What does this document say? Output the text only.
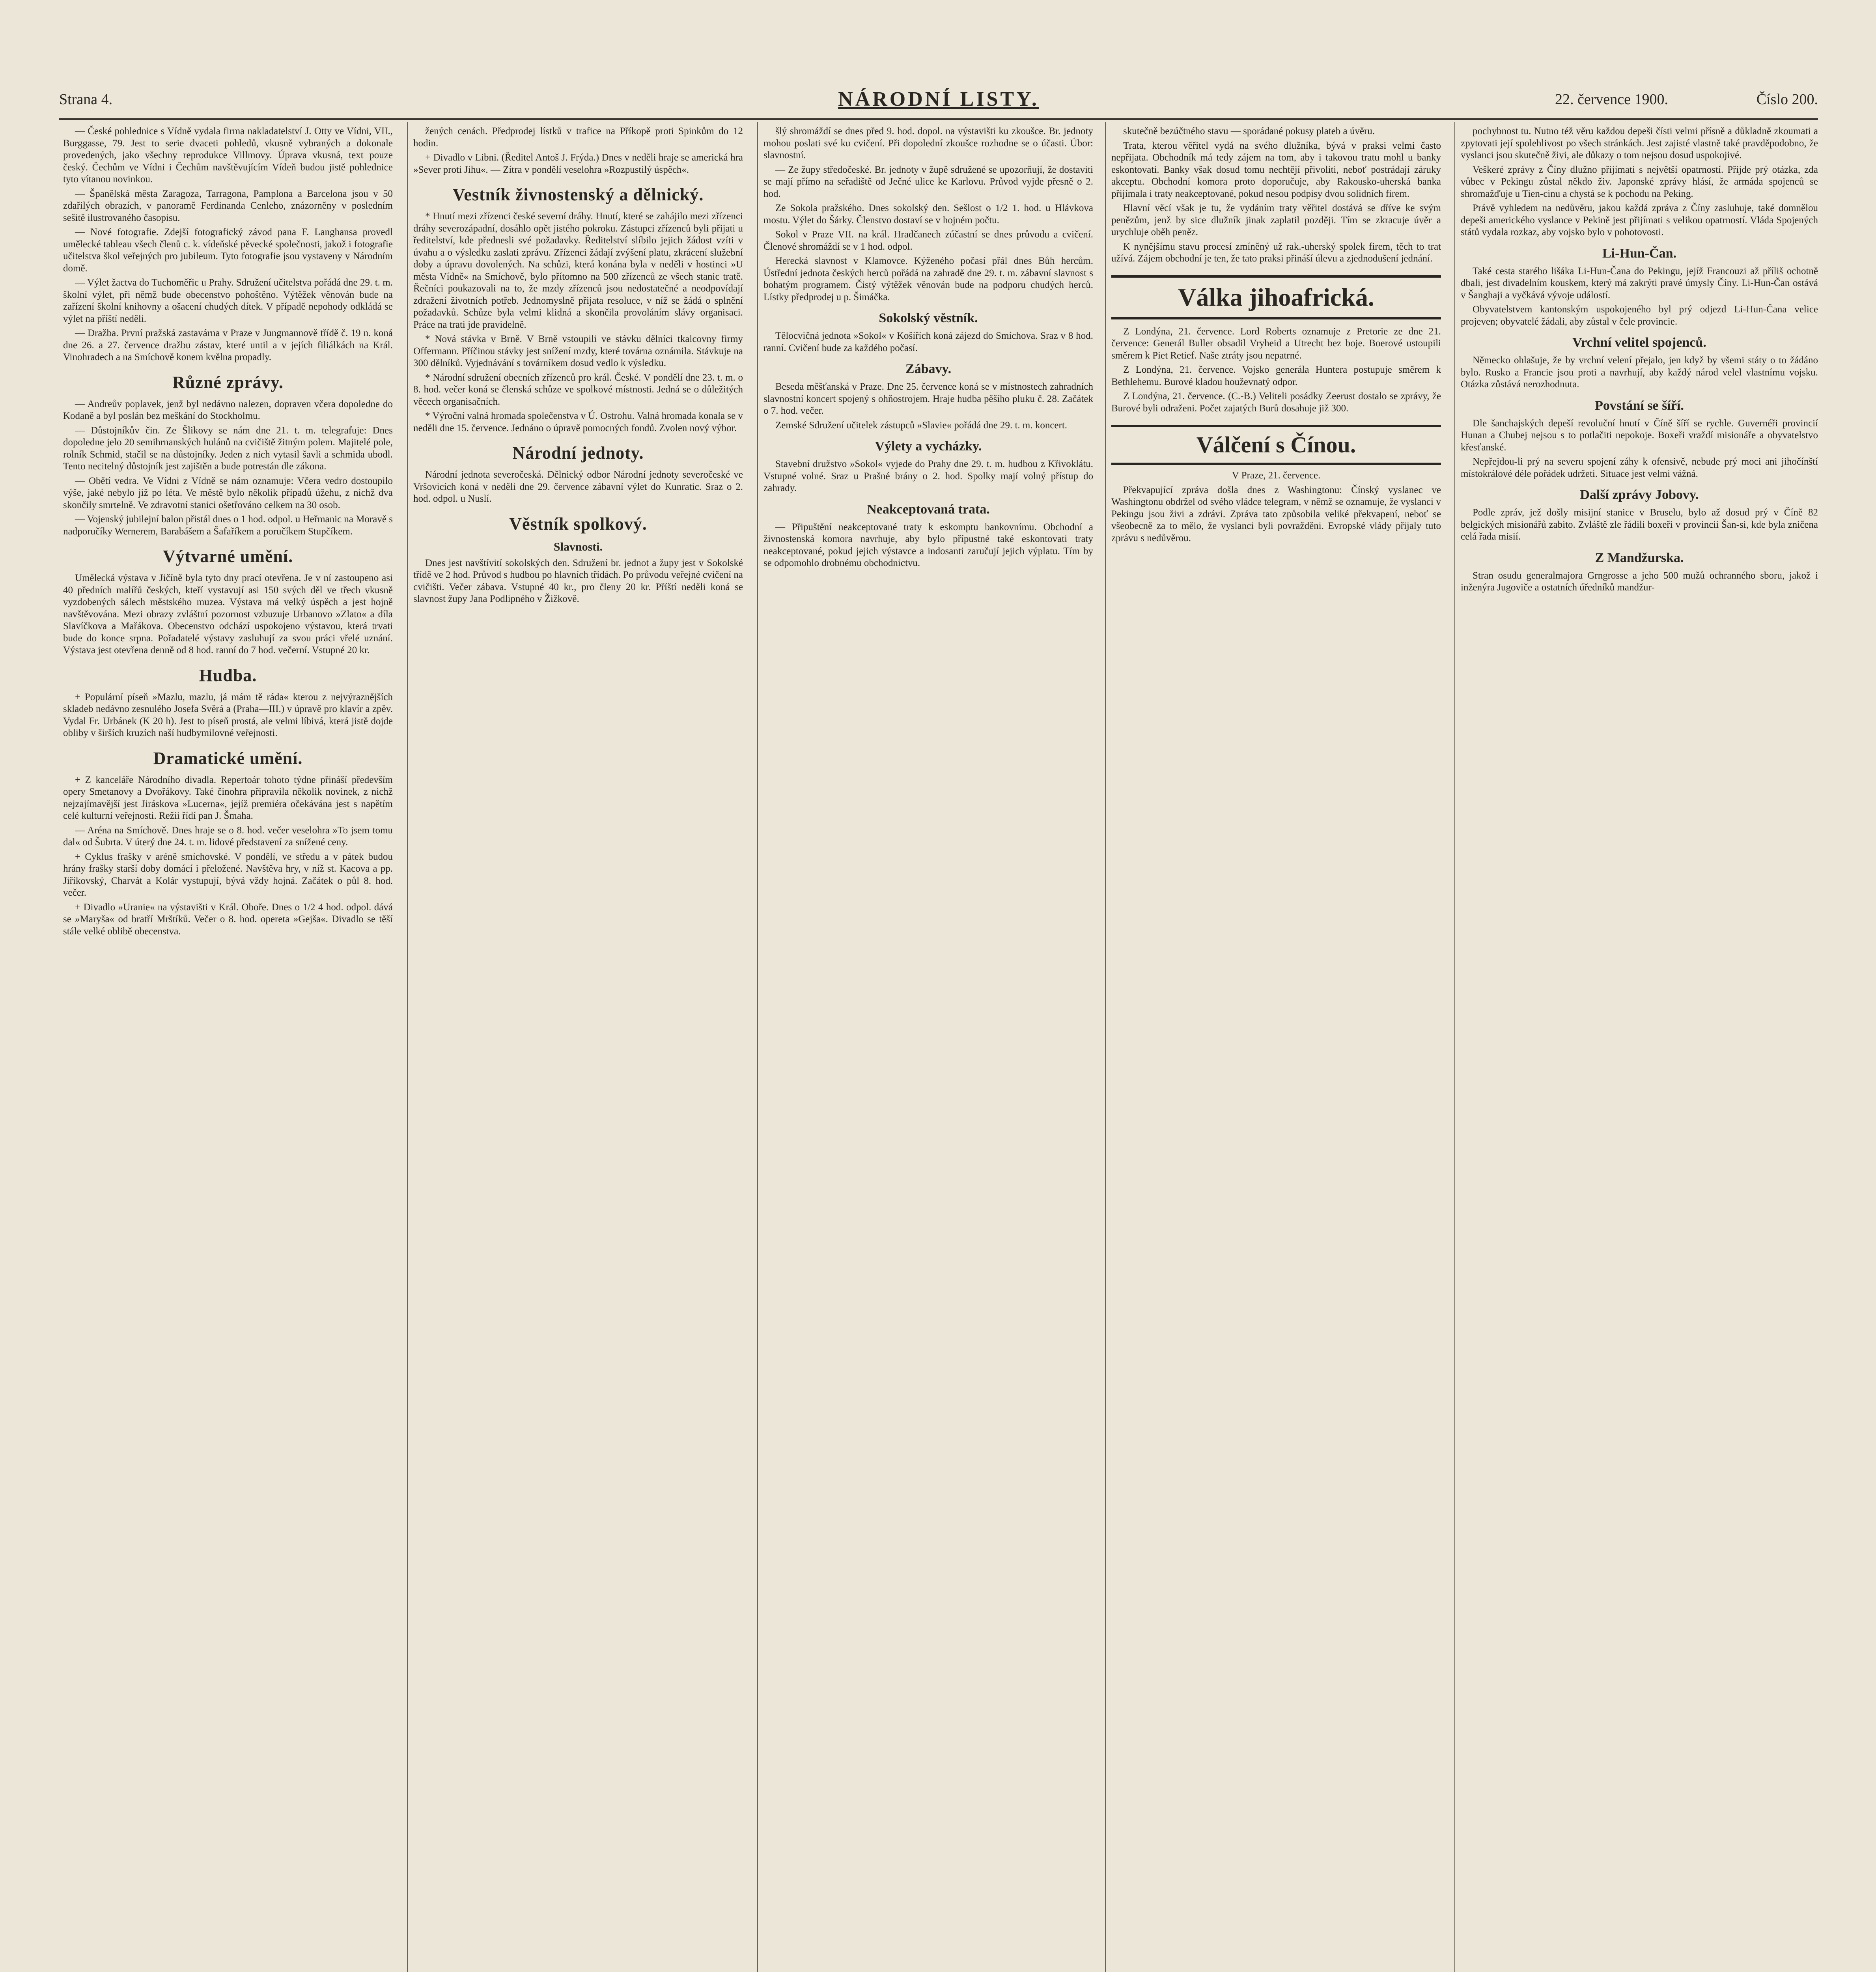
Strana 4.	NÁRODNÍ LISTY.	22. července 1900.	Číslo 200.

— České pohlednice s Vídně vydala firma nakladatelství J. Otty ve Vídni, VII., Burggasse, 79. Jest to serie dvaceti pohledů, vkusně vybraných a dokonale provedených, jako všechny reprodukce Villmovy. Úprava vkusná, text pouze český. Čechům ve Vídni i Čechům navštěvujícím Vídeň budou jistě pohlednice tyto vítanou novinkou.

— Španělská města Zaragoza, Tarragona, Pamplona a Barcelona jsou v 50 zdařilých obrazích, v panoramě Ferdinanda Cenleho, znázorněny v posledním sešitě ilustrovaného časopisu.

— Nové fotografie. Zdejší fotografický závod pana F. Langhansa provedl umělecké tableau všech členů c. k. vídeňské pěvecké společnosti, jakož i fotografie učitelstva škol veřejných pro jubileum. Tyto fotografie jsou vystaveny v Národním domě.

— Výlet žactva do Tuchoměřic u Prahy. Sdružení učitelstva pořádá dne 29. t. m. školní výlet, při němž bude obecenstvo pohoštěno. Výtěžek věnován bude na zařízení školní knihovny a ošacení chudých dítek. V případě nepohody odkládá se výlet na příští neděli.

— Dražba. První pražská zastavárna v Praze v Jungmannově třídě č. 19 n. koná dne 26. a 27. července dražbu zástav, které until a v jejích filiálkách na Král. Vinohradech a na Smíchově konem kvělna propadly.

Různé zprávy.

— Andreův poplavek, jenž byl nedávno nalezen, dopraven včera dopoledne do Kodaně a byl poslán bez meškání do Stockholmu.

— Důstojníkův čin. Ze Šlikovy se nám dne 21. t. m. telegrafuje: Dnes dopoledne jelo 20 semihrnanských hulánů na cvičiště žitným polem. Majitelé pole, rolník Schmid, stačil se na důstojníky. Jeden z nich vytasil šavli a schmida ubodl. Tento necitelný důstojník jest zajištěn a bude potrestán dle zákona.

— Obětí vedra. Ve Vídni z Vídně se nám oznamuje: Včera vedro dostoupilo výše, jaké nebylo již po léta. Ve městě bylo několik případů úžehu, z nichž dva skončily smrtelně. Ve zdravotní stanici ošetřováno celkem na 30 osob.

— Vojenský jubilejní balon přistál dnes o 1 hod. odpol. u Heřmanic na Moravě s nadporučíky Wernerem, Barabášem a Šafaříkem a poručíkem Stupčíkem.

Výtvarné umění.

Umělecká výstava v Jičíně byla tyto dny prací otevřena. Je v ní zastoupeno asi 40 předních malířů českých, kteří vystavují asi 150 svých děl ve třech vkusně vyzdobených sálech městského muzea. Výstava má velký úspěch a jest hojně navštěvována. Mezi obrazy zvláštní pozornost vzbuzuje Urbanovo »Zlato« a díla Slavíčkova a Mařákova. Obecenstvo odchází uspokojeno výstavou, která trvati bude do konce srpna. Pořadatelé výstavy zasluhují za svou práci vřelé uznání. Výstava jest otevřena denně od 8 hod. ranní do 7 hod. večerní. Vstupné 20 kr.

Hudba.

+ Populární píseň »Mazlu, mazlu, já mám tě ráda« kterou z nejvýraznějších skladeb nedávno zesnulého Josefa Svěrá a (Praha—III.) v úpravě pro klavír a zpěv. Vydal Fr. Urbánek (K 20 h). Jest to píseň prostá, ale velmi líbivá, která jistě dojde obliby v širších kruzích naší hudbymilovné veřejnosti.

Dramatické umění.

+ Z kanceláře Národního divadla. Repertoár tohoto týdne přináší především opery Smetanovy a Dvořákovy. Také činohra připravila několik novinek, z nichž nejzajímavější jest Jiráskova »Lucerna«, jejíž premiéra očekávána jest s napětím celé kulturní veřejnosti. Režii řídí pan J. Šmaha.

— Aréna na Smíchově. Dnes hraje se o 8. hod. večer veselohra »To jsem tomu dal« od Šubrta. V úterý dne 24. t. m. lidové představení za snížené ceny.

+ Cyklus frašky v aréně smíchovské. V pondělí, ve středu a v pátek budou hrány frašky starší doby domácí i přeložené. Navštěva hry, v níž st. Kacova a pp. Jiříkovský, Charvát a Kolár vystupují, bývá vždy hojná. Začátek o půl 8. hod. večer.

+ Divadlo »Uranie« na výstavišti v Král. Oboře. Dnes o 1/2 4 hod. odpol. dává se »Maryša« od bratří Mrštíků. Večer o 8. hod. opereta »Gejša«. Divadlo se těší stále velké oblibě obecenstva.

žených cenách. Předprodej lístků v trafice na Příkopě proti Spinkům do 12 hodin.

+ Divadlo v Libni. (Ředitel Antoš J. Frýda.) Dnes v neděli hraje se americká hra »Sever proti Jihu«. — Zítra v pondělí veselohra »Rozpustilý úspěch«.

Vestník živnostenský a dělnický.

* Hnutí mezi zřízenci české severní dráhy. Hnutí, které se zahájilo mezi zřízenci dráhy severozápadní, dosáhlo opět jistého pokroku. Zástupci zřízenců byli přijati u ředitelství, kde přednesli své požadavky. Ředitelství slíbilo jejich žádost vzíti v úvahu a o výsledku zaslati zprávu. Zřízenci žádají zvýšení platu, zkrácení služební doby a úpravu dovolených. Na schůzi, která konána byla v neděli v hostinci »U města Vídně« na Smíchově, bylo přítomno na 500 zřízenců ze všech stanic tratě. Řečníci poukazovali na to, že mzdy zřízenců jsou nedostatečné a neodpovídají zdražení životních potřeb. Jednomyslně přijata resoluce, v níž se žádá o splnění požadavků. Schůze byla velmi klidná a skončila provoláním slávy organisaci. Práce na trati jde pravidelně.

* Nová stávka v Brně. V Brně vstoupili ve stávku dělníci tkalcovny firmy Offermann. Příčinou stávky jest snížení mzdy, které továrna oznámila. Stávkuje na 300 dělníků. Vyjednávání s továrníkem dosud vedlo k výsledku.

* Národní sdružení obecních zřízenců pro král. České. V pondělí dne 23. t. m. o 8. hod. večer koná se členská schůze ve spolkové místnosti. Jedná se o důležitých věcech organisačních.

* Výroční valná hromada společenstva v Ú. Ostrohu. Valná hromada konala se v neděli dne 15. července. Jednáno o úpravě pomocných fondů. Zvolen nový výbor.

Národní jednoty.

Národní jednota severočeská. Dělnický odbor Národní jednoty severočeské ve Vršovicích koná v neděli dne 29. července zábavní výlet do Kunratic. Sraz o 2. hod. odpol. u Nuslí.

Věstník spolkový.
Slavnosti.

Dnes jest navštívití sokolských den. Sdružení br. jednot a župy jest v Sokolské třídě ve 2 hod. Průvod s hudbou po hlavních třídách. Po průvodu veřejné cvičení na cvičišti. Večer zábava. Vstupné 40 kr., pro členy 20 kr. Příští neděli koná se slavnost župy Jana Podlipného v Žižkově.

šlý shromáždí se dnes před 9. hod. dopol. na výstavišti ku zkoušce. Br. jednoty mohou poslati své ku cvičení. Při dopolední zkoušce rozhodne se o účasti. Úbor: slavnostní.

— Ze župy středočeské. Br. jednoty v župě sdružené se upozorňují, že dostaviti se mají přímo na seřadiště od Ječné ulice ke Karlovu. Průvod vyjde přesně o 2. hod.

Ze Sokola pražského. Dnes sokolský den. Sešlost o 1/2 1. hod. u Hlávkova mostu. Výlet do Šárky. Členstvo dostaví se v hojném počtu.

Sokol v Praze VII. na král. Hradčanech zúčastní se dnes průvodu a cvičení. Členové shromáždí se v 1 hod. odpol.

Herecká slavnost v Klamovce. Kýženého počasí přál dnes Bůh hercům. Ústřední jednota českých herců pořádá na zahradě dne 29. t. m. zábavní slavnost s bohatým programem. Čistý výtěžek věnován bude na podporu chudých herců. Lístky předprodej u p. Šimáčka.

Sokolský věstník.

Tělocvičná jednota »Sokol« v Košířích koná zájezd do Smíchova. Sraz v 8 hod. ranní. Cvičení bude za každého počasí.

Zábavy.

Beseda měšťanská v Praze. Dne 25. července koná se v místnostech zahradních slavnostní koncert spojený s ohňostrojem. Hraje hudba pěšího pluku č. 28. Začátek o 7. hod. večer.

Zemské Sdružení učitelek zástupců »Slavie« pořádá dne 29. t. m. koncert.

Výlety a vycházky.

Stavební družstvo »Sokol« vyjede do Prahy dne 29. t. m. hudbou z Křivoklátu. Vstupné volné. Sraz u Prašné brány o 2. hod. Spolky mají volný přístup do zahrady.

Neakceptovaná trata.

— Připuštění neakceptované traty k eskomptu bankovnímu. Obchodní a živnostenská komora navrhuje, aby bylo přípustné také eskontovati traty neakceptované, pokud jejich výstavce a indosanti zaručují jejich výplatu. Tím by se odpomohlo drobnému obchodnictvu.

skutečně bezúčtného stavu — sporádané pokusy plateb a úvěru.

Trata, kterou věřitel vydá na svého dlužníka, bývá v praksi velmi často nepřijata. Obchodník má tedy zájem na tom, aby i takovou tratu mohl u banky eskontovati. Banky však dosud tomu nechtějí přivoliti, neboť postrádají záruky akceptu. Obchodní komora proto doporučuje, aby Rakousko-uherská banka přijímala i traty neakceptované, pokud nesou podpisy dvou solidních firem.

Hlavní věcí však je tu, že vydáním traty věřitel dostává se dříve ke svým penězům, jenž by sice dlužník jinak zaplatil později. Tím se zkracuje úvěr a urychluje oběh peněz.

K nynějšímu stavu procesí zmíněný už rak.-uherský spolek firem, těch to trat užívá. Zájem obchodní je ten, že tato praksi přináší úlevu a zjednodušení jednání.

Válka jihoafrická.

Z Londýna, 21. července. Lord Roberts oznamuje z Pretorie ze dne 21. července: Generál Buller obsadil Vryheid a Utrecht bez boje. Boerové ustoupili směrem k Piet Retief. Naše ztráty jsou nepatrné.

Z Londýna, 21. července. Vojsko generála Huntera postupuje směrem k Bethlehemu. Burové kladou houževnatý odpor.

Z Londýna, 21. července. (C.-B.) Veliteli posádky Zeerust dostalo se zprávy, že Burové byli odraženi. Počet zajatých Burů dosahuje již 300.

Válčení s Čínou.

V Praze, 21. července.

Překvapující zpráva došla dnes z Washingtonu: Čínský vyslanec ve Washingtonu obdržel od svého vládce telegram, v němž se oznamuje, že vyslanci v Pekingu jsou živi a zdrávi. Zpráva tato způsobila veliké překvapení, neboť se všeobecně za to mělo, že vyslanci byli povražděni. Evropské vlády přijaly tuto zprávu s nedůvěrou.

pochybnost tu. Nutno též věru každou depeši čísti velmi přísně a důkladně zkoumati a zpytovati její spolehlivost po všech stránkách. Jest zajisté vlastně také pravděpodobno, že vyslanci jsou skutečně živi, ale důkazy o tom nejsou dosud uspokojivé.

Veškeré zprávy z Číny dlužno přijímati s největší opatrností. Přijde prý otázka, zda vůbec v Pekingu zůstal někdo živ. Japonské zprávy hlásí, že armáda spojenců se shromažďuje u Tien-cinu a chystá se k pochodu na Peking.

Právě vyhledem na nedůvěru, jakou každá zpráva z Číny zasluhuje, také domnělou depeši amerického vyslance v Pekině jest přijímati s velikou opatrností. Vláda Spojených států vydala rozkaz, aby vojsko bylo v pohotovosti.

Li-Hun-Čan.

Také cesta starého lišáka Li-Hun-Čana do Pekingu, jejíž Francouzi až příliš ochotně dbali, jest divadelním kouskem, který má zakrýti pravé úmysly Číny. Li-Hun-Čan ostává v Šanghaji a vyčkává vývoje událostí.

Obyvatelstvem kantonským uspokojeného byl prý odjezd Li-Hun-Čana velice projeven; obyvatelé žádali, aby zůstal v čele provincie.

Vrchní velitel spojenců.

Německo ohlašuje, že by vrchní velení přejalo, jen když by všemi státy o to žádáno bylo. Rusko a Francie jsou proti a navrhují, aby každý národ velel vlastnímu vojsku. Otázka zůstává nerozhodnuta.

Povstání se šíří.

Dle šanchajských depeší revoluční hnutí v Číně šíří se rychle. Guvernéři provincií Hunan a Chubej nejsou s to potlačiti nepokoje. Boxeři vraždí misionáře a obyvatelstvo křesťanské.

Nepřejdou-li prý na severu spojení záhy k ofensivě, nebude prý moci ani jihočínští místokrálové déle pořádek udržeti. Situace jest velmi vážná.

Další zprávy Jobovy.

Podle zpráv, jež došly misijní stanice v Bruselu, bylo až dosud prý v Číně 82 belgických misionářů zabito. Zvláště zle řádili boxeři v provincii Šan-si, kde byla zničena celá řada misií.

Z Mandžurska.

Stran osudu generalmajora Grngrosse a jeho 500 mužů ochranného sboru, jakož i inženýra Jugoviče a ostatních úředníků mandžur-
